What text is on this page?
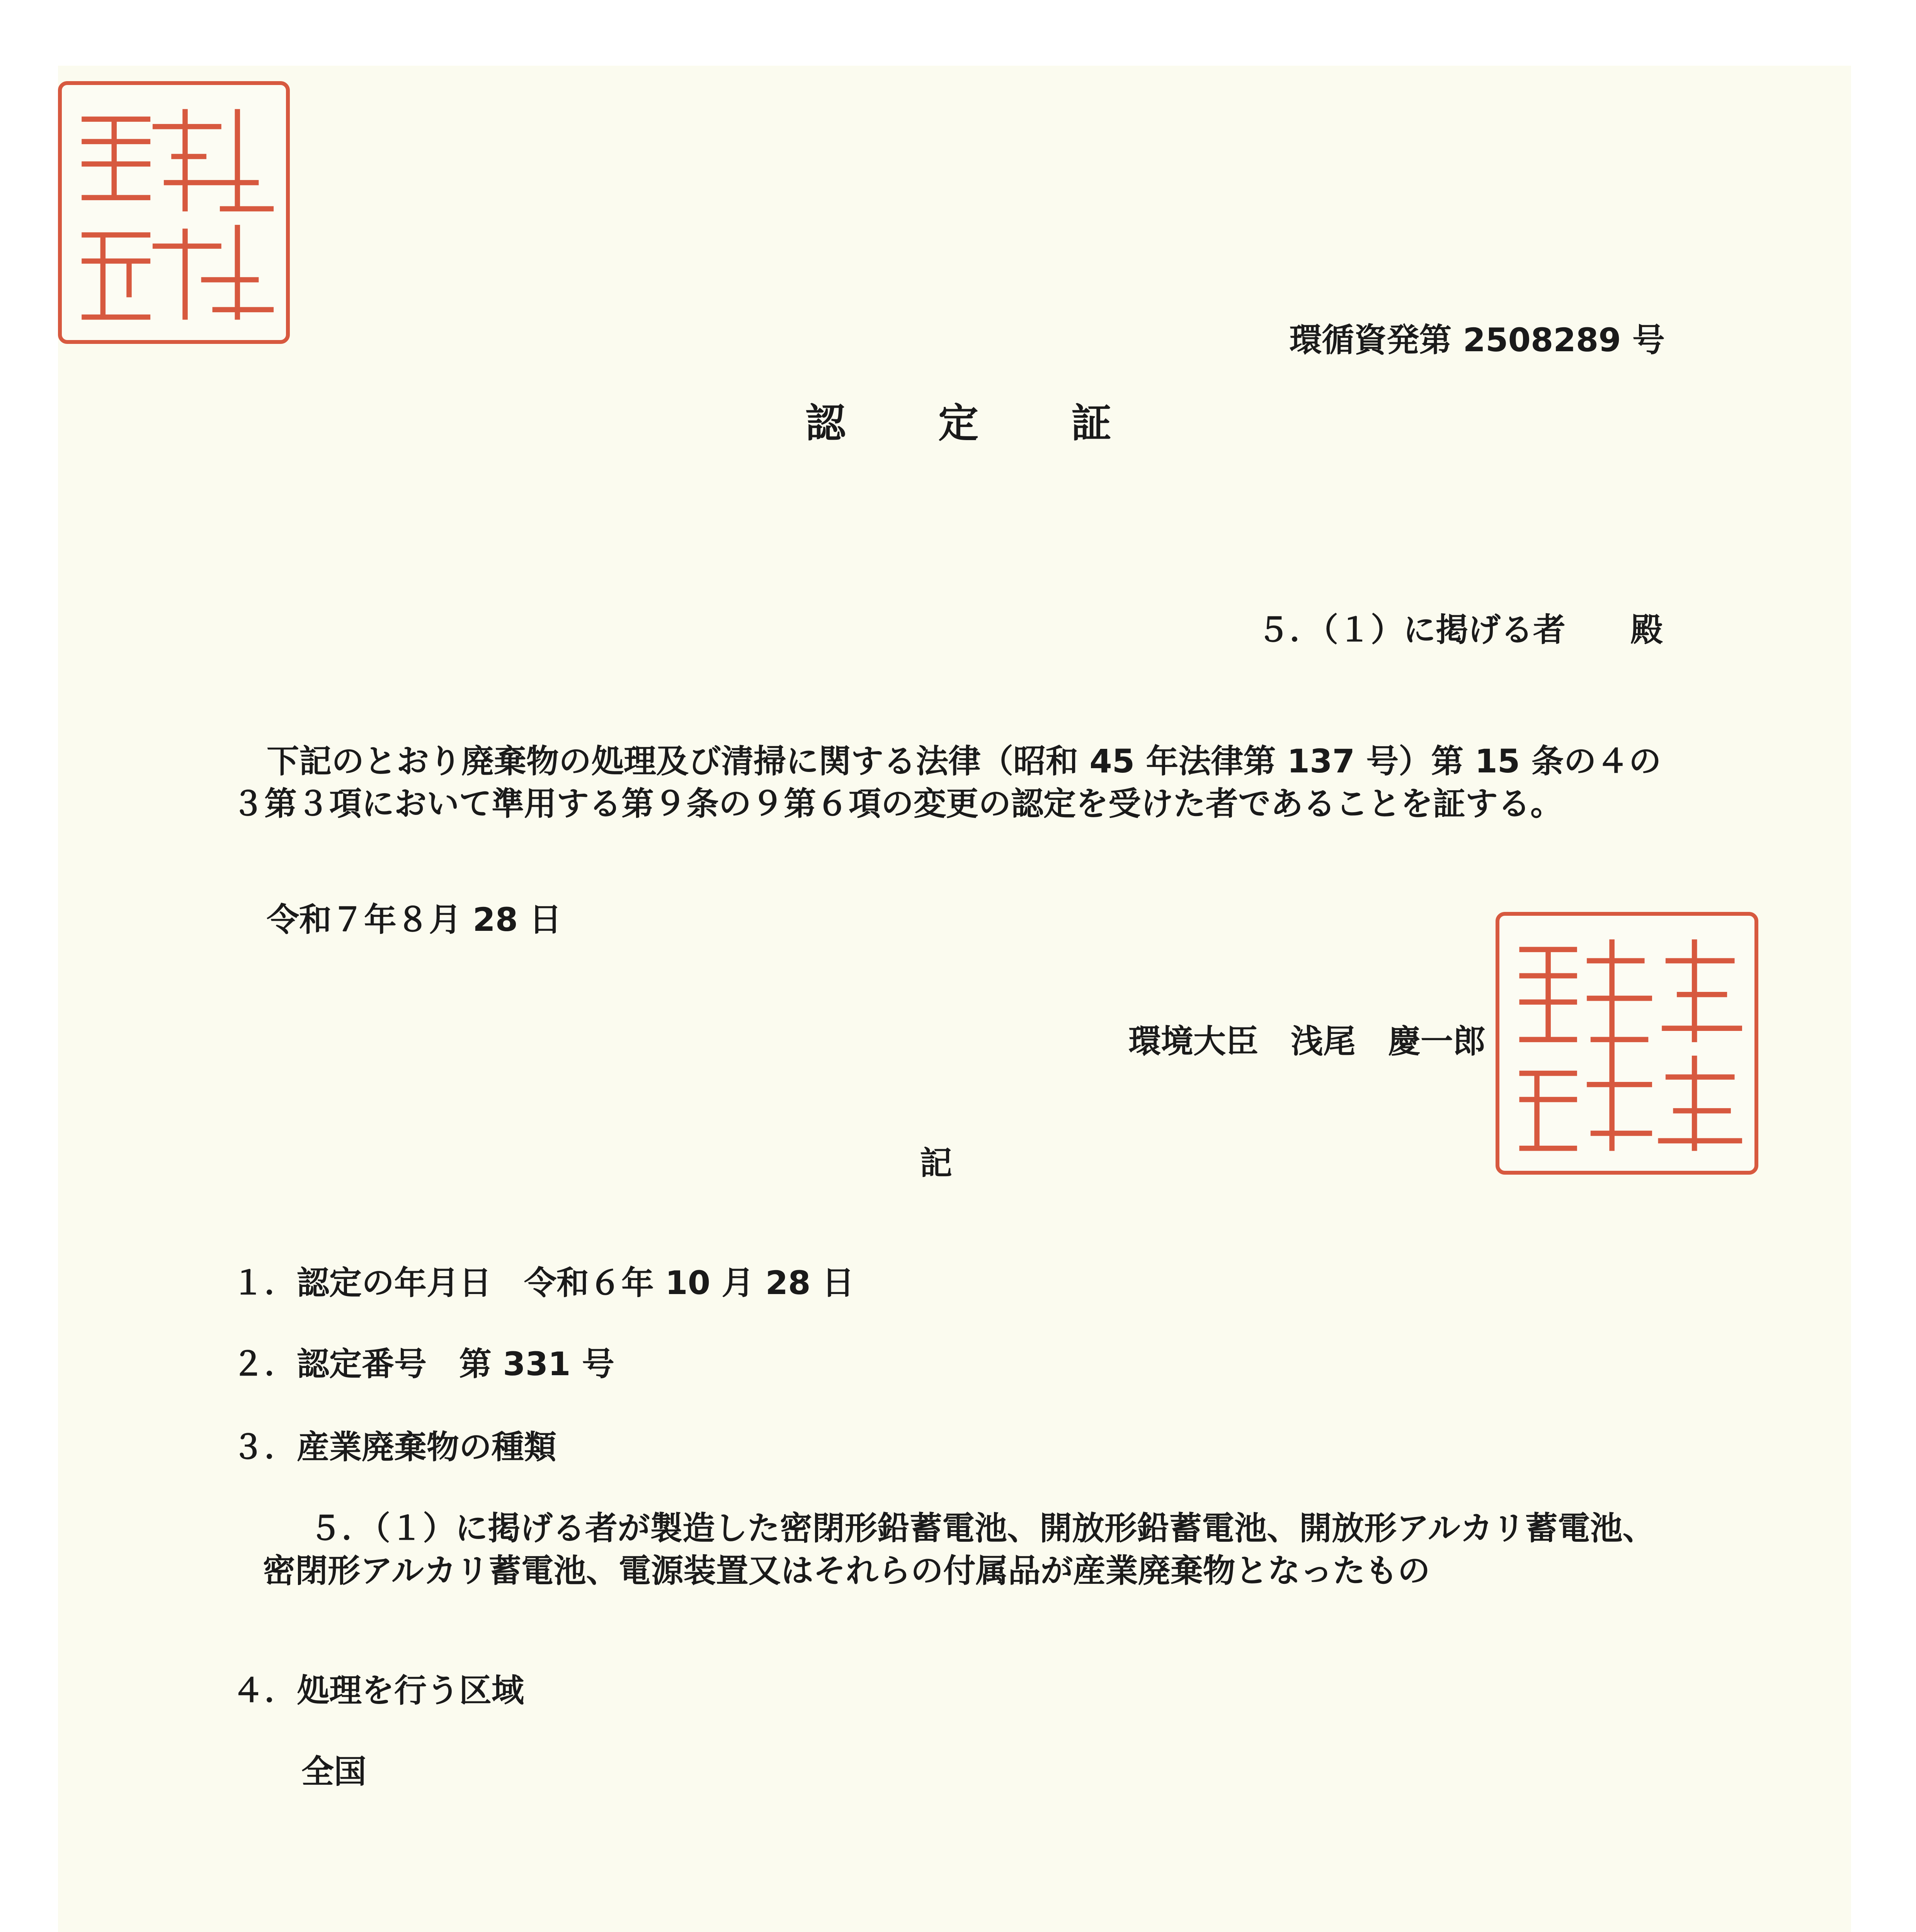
環循資発第 2508289 号

認 定 証

５．（１）に掲げる者　　殿

下記のとおり廃棄物の処理及び清掃に関する法律（昭和 45 年法律第 137 号）第 15 条の４の３第３項において準用する第９条の９第６項の変更の認定を受けた者であることを証する。

令和７年８月 28 日

環境大臣　浅尾　慶一郎

記

１．認定の年月日　令和６年 10 月 28 日

２．認定番号　第 331 号

３．産業廃棄物の種類

５．（１）に掲げる者が製造した密閉形鉛蓄電池、開放形鉛蓄電池、開放形アルカリ蓄電池、密閉形アルカリ蓄電池、電源装置又はそれらの付属品が産業廃棄物となったもの

４．処理を行う区域

全国
